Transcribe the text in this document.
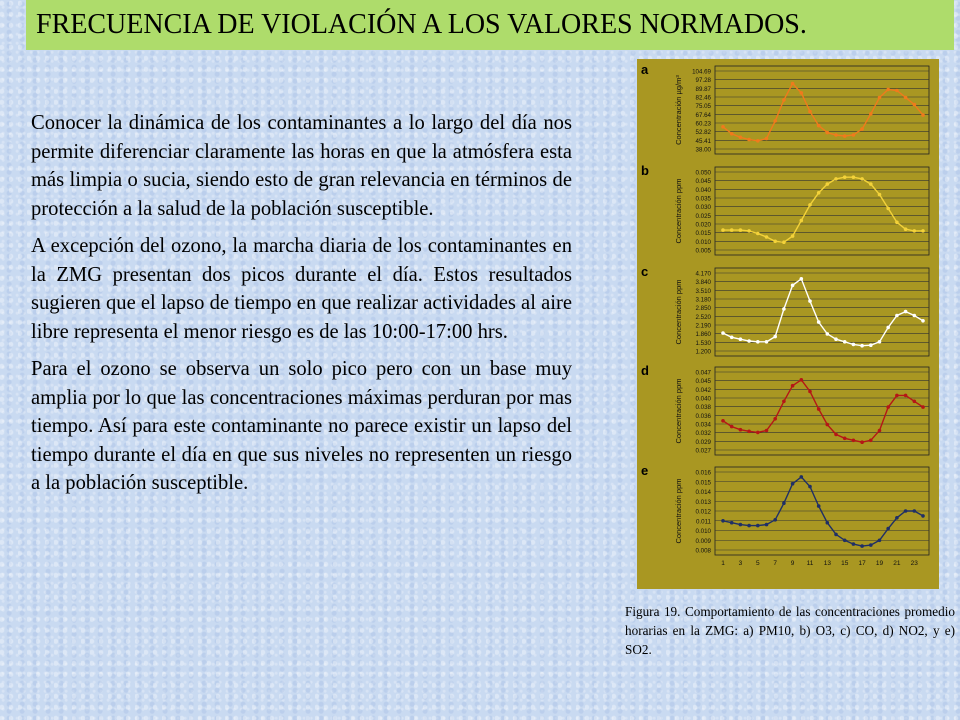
FRECUENCIA DE VIOLACIÓN A LOS VALORES NORMADOS.

Conocer la dinámica de los contaminantes a lo largo del día nos permite diferenciar claramente las horas en que la atmósfera esta más limpia o sucia, siendo esto de gran relevancia en términos de protección a la salud de la población susceptible.

A excepción del ozono, la marcha diaria de los contaminantes en la ZMG presentan dos picos durante el día. Estos resultados sugieren que el lapso de tiempo en que realizar actividades al aire libre representa el menor riesgo es de las 10:00-17:00 hrs.

Para el ozono se observa un solo pico pero con un base muy amplia por lo que las concentraciones máximas perduran por mas tiempo. Así para este contaminante no parece existir un lapso del tiempo durante el día en que sus niveles no representen un riesgo a la población susceptible.

a
Concentración µg/m³
104.69
97.28
89.87
82.46
75.05
67.64
60.23
52.82
45.41
38.00
b
Concentración ppm
0.050
0.045
0.040
0.035
0.030
0.025
0.020
0.015
0.010
0.005
c
Concentración ppm
4.170
3.840
3.510
3.180
2.850
2.520
2.190
1.860
1.530
1.200
d
Concentración ppm
0.047
0.045
0.042
0.040
0.038
0.036
0.034
0.032
0.029
0.027
e
Concentración ppm
0.016
0.015
0.014
0.013
0.012
0.011
0.010
0.009
0.008
1 3 5 7 9 11 13 15 17 19 21 23
Figura 19. Comportamiento de las concentraciones promedio horarias en la ZMG: a) PM10, b) O3, c) CO, d) NO2, y e) SO2.
